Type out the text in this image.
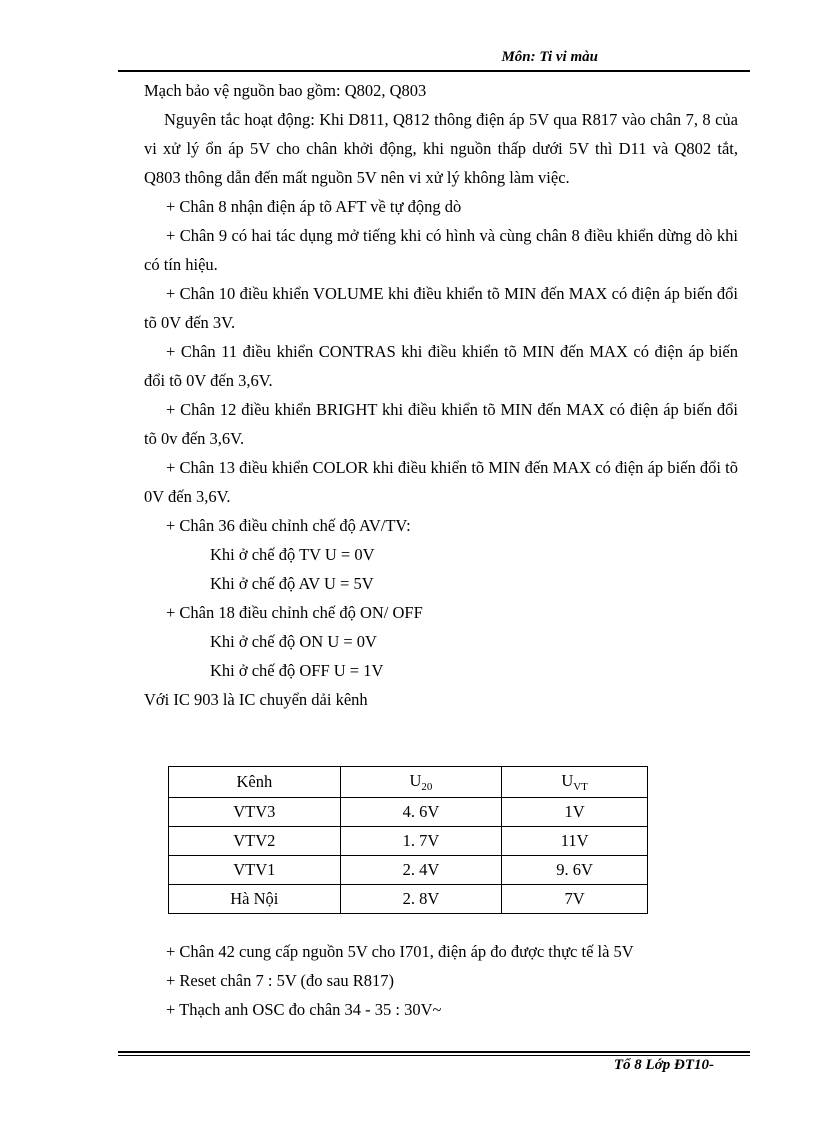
Môn: Ti vi màu

Mạch bảo vệ nguồn bao gồm: Q802, Q803

Nguyên tắc hoạt động: Khi D811, Q812 thông điện áp 5V qua R817 vào chân 7, 8 của vi xử lý ổn áp 5V cho chân khởi động, khi nguồn thấp dưới 5V thì D11 và Q802 tắt, Q803 thông dẫn đến mất nguồn 5V nên vi xử lý không làm việc.

+ Chân 8 nhận điện áp tõ AFT về tự động dò

+ Chân 9 có hai tác dụng mở tiếng khi có hình và cùng chân 8 điều khiển dừng dò khi có tín hiệu.

+ Chân 10 điều khiển VOLUME khi điều khiển tõ MIN đến MAX có điện áp biến đổi tõ 0V đến 3V.

+ Chân 11 điều khiển CONTRAS khi điều khiển tõ MIN đến MAX có điện áp biến đổi tõ 0V đến 3,6V.

+ Chân 12 điều khiển BRIGHT khi điều khiển tõ MIN đến MAX có điện áp biến đổi tõ 0v đến 3,6V.

+ Chân 13 điều khiển COLOR khi điều khiển tõ MIN đến MAX có điện áp biến đổi tõ 0V đến 3,6V.

+ Chân 36 điều chỉnh chế độ AV/TV:

Khi ở chế độ TV U = 0V

Khi ở chế độ AV U = 5V

+ Chân 18 điều chỉnh chế độ ON/ OFF

Khi ở chế độ ON U = 0V

Khi ở chế độ OFF U = 1V

Với IC 903 là IC chuyển dải kênh

Kênh	$U_{20}$	$U_{VT}$
VTV3	4. 6V	1V
VTV2	1. 7V	11V
VTV1	2. 4V	9. 6V
Hà Nội	2. 8V	7V
+ Chân 42 cung cấp nguồn 5V cho I701, điện áp đo được thực tế là 5V
+ Reset chân 7 : 5V (đo sau R817)
+ Thạch anh OSC đo chân 34 - 35 : 30V~
Tổ 8 Lớp ĐT10-
